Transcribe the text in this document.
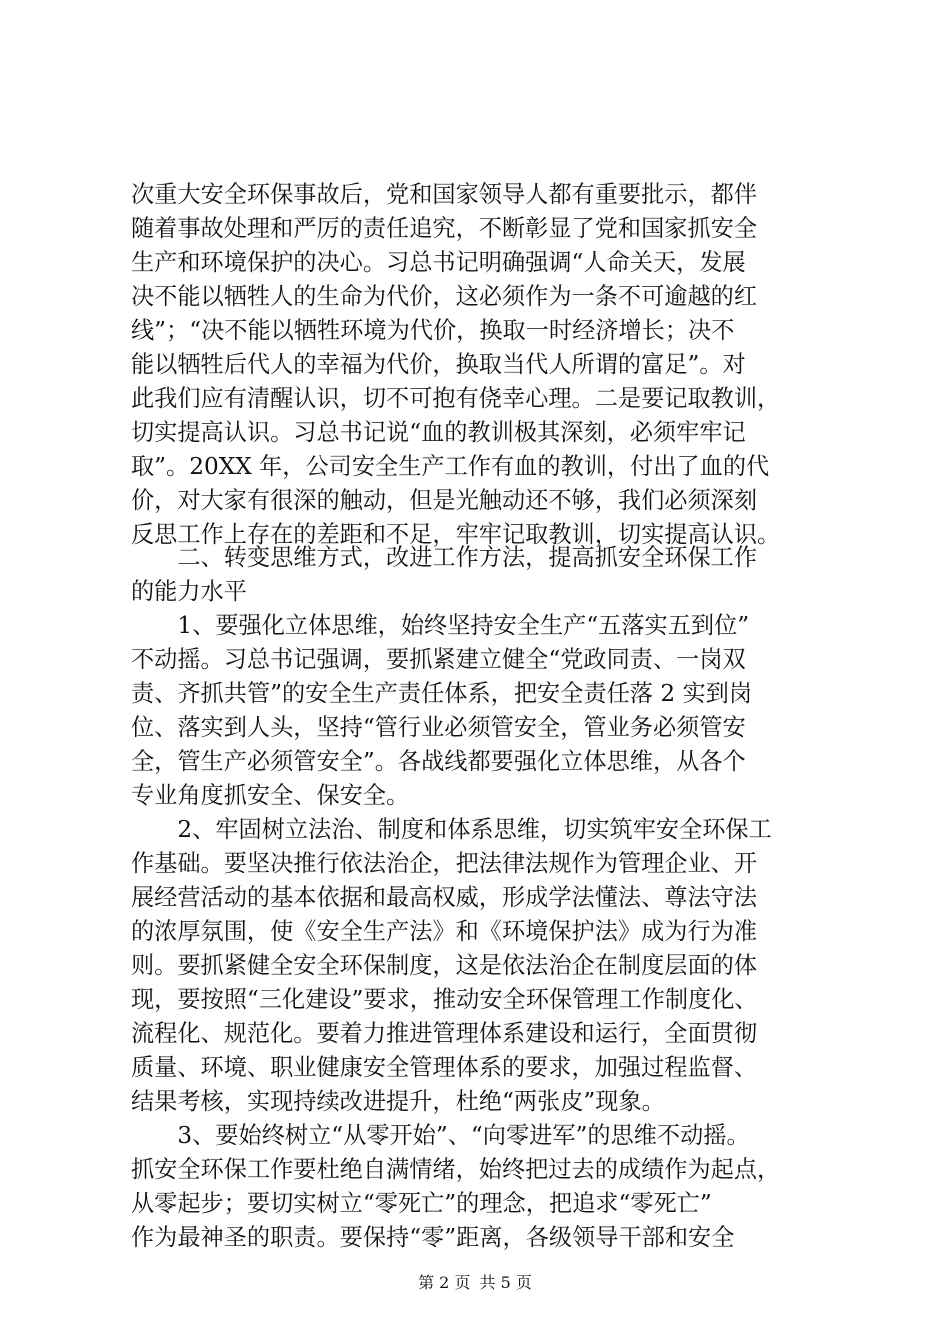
次重大安全环保事故后，党和国家领导人都有重要批示，都伴
随着事故处理和严厉的责任追究，不断彰显了党和国家抓安全
生产和环境保护的决心。习总书记明确强调“人命关天，发展
决不能以牺牲人的生命为代价，这必须作为一条不可逾越的红
线”；“决不能以牺牲环境为代价，换取一时经济增长；决不
能以牺牲后代人的幸福为代价，换取当代人所谓的富足”。对
此我们应有清醒认识，切不可抱有侥幸心理。二是要记取教训，
切实提高认识。习总书记说“血的教训极其深刻，必须牢牢记
取”。20XX 年，公司安全生产工作有血的教训，付出了血的代
价，对大家有很深的触动，但是光触动还不够，我们必须深刻
反思工作上存在的差距和不足，牢牢记取教训，切实提高认识。
　　二、转变思维方式，改进工作方法，提高抓安全环保工作
的能力水平
　　1、要强化立体思维，始终坚持安全生产“五落实五到位”
不动摇。习总书记强调，要抓紧建立健全“党政同责、一岗双
责、齐抓共管”的安全生产责任体系，把安全责任落 2 实到岗
位、落实到人头，坚持“管行业必须管安全，管业务必须管安
全，管生产必须管安全”。各战线都要强化立体思维，从各个
专业角度抓安全、保安全。
　　2、牢固树立法治、制度和体系思维，切实筑牢安全环保工
作基础。要坚决推行依法治企，把法律法规作为管理企业、开
展经营活动的基本依据和最高权威，形成学法懂法、尊法守法
的浓厚氛围，使《安全生产法》和《环境保护法》成为行为准
则。要抓紧健全安全环保制度，这是依法治企在制度层面的体
现，要按照“三化建设”要求，推动安全环保管理工作制度化、
流程化、规范化。要着力推进管理体系建设和运行，全面贯彻
质量、环境、职业健康安全管理体系的要求，加强过程监督、
结果考核，实现持续改进提升，杜绝“两张皮”现象。
　　3、要始终树立“从零开始”、“向零进军”的思维不动摇。
抓安全环保工作要杜绝自满情绪，始终把过去的成绩作为起点，
从零起步；要切实树立“零死亡”的理念，把追求“零死亡”
作为最神圣的职责。要保持“零”距离，各级领导干部和安全
第 2 页 共 5 页
